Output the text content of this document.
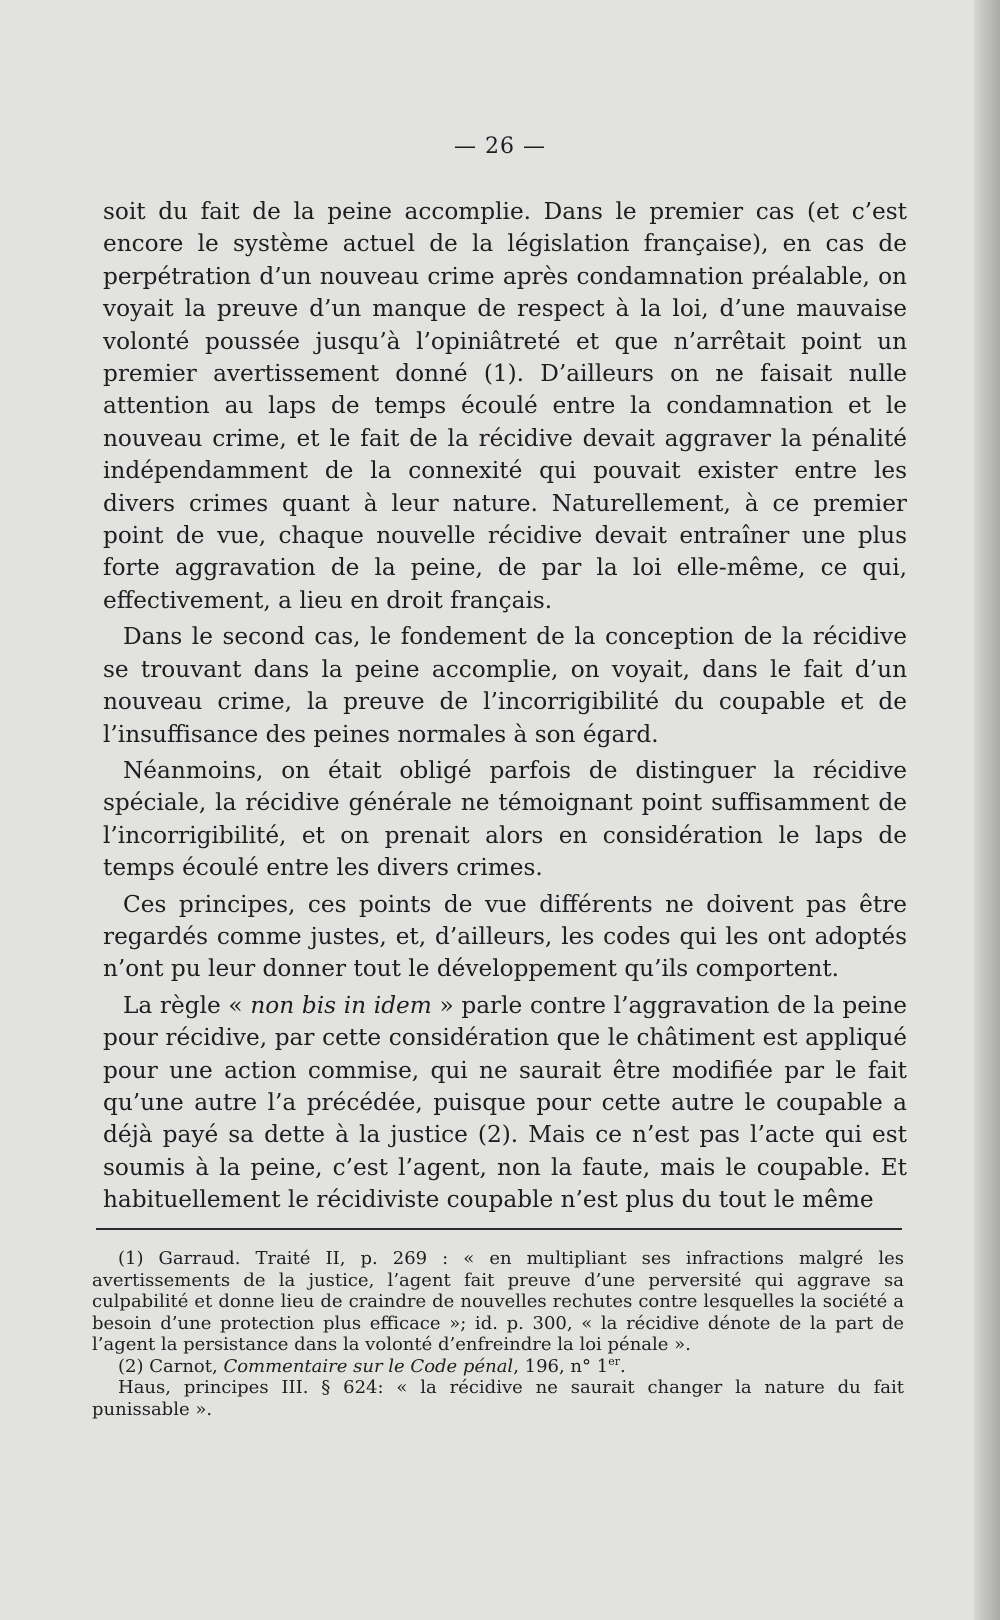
— 26 —

soit du fait de la peine accomplie. Dans le premier cas (et c’est encore le système actuel de la législation française), en cas de perpétration d’un nouveau crime après condamnation préalable, on voyait la preuve d’un manque de respect à la loi, d’une mauvaise volonté poussée jusqu’à l’opiniâtreté et que n’arrêtait point un premier avertissement donné (1). D’ailleurs on ne faisait nulle attention au laps de temps écoulé entre la condamnation et le nouveau crime, et le fait de la récidive devait aggraver la pénalité indépendamment de la connexité qui pouvait exister entre les divers crimes quant à leur nature. Naturellement, à ce premier point de vue, chaque nouvelle récidive devait entraîner une plus forte aggravation de la peine, de par la loi elle-même, ce qui, effectivement, a lieu en droit français.

Dans le second cas, le fondement de la conception de la récidive se trouvant dans la peine accomplie, on voyait, dans le fait d’un nouveau crime, la preuve de l’incorrigibilité du coupable et de l’insuffisance des peines normales à son égard.

Néanmoins, on était obligé parfois de distinguer la récidive spéciale, la récidive générale ne témoignant point suffisamment de l’incorrigibilité, et on prenait alors en considération le laps de temps écoulé entre les divers crimes.

Ces principes, ces points de vue différents ne doivent pas être regardés comme justes, et, d’ailleurs, les codes qui les ont adoptés n’ont pu leur donner tout le développement qu’ils comportent.

La règle « non bis in idem » parle contre l’aggravation de la peine pour récidive, par cette considération que le châtiment est appliqué pour une action commise, qui ne saurait être modifiée par le fait qu’une autre l’a précédée, puisque pour cette autre le coupable a déjà payé sa dette à la justice (2). Mais ce n’est pas l’acte qui est soumis à la peine, c’est l’agent, non la faute, mais le coupable. Et habituellement le récidiviste coupable n’est plus du tout le même

(1) Garraud. Traité II, p. 269 : « en multipliant ses infractions malgré les avertissements de la justice, l’agent fait preuve d’une perversité qui aggrave sa culpabilité et donne lieu de craindre de nouvelles rechutes contre lesquelles la société a besoin d’une protection plus efficace »; id. p. 300, « la récidive dénote de la part de l’agent la persistance dans la volonté d’enfreindre la loi pénale ».

(2) Carnot, Commentaire sur le Code pénal, 196, n° 1er.

Haus, principes III. § 624: « la récidive ne saurait changer la nature du fait punissable ».
